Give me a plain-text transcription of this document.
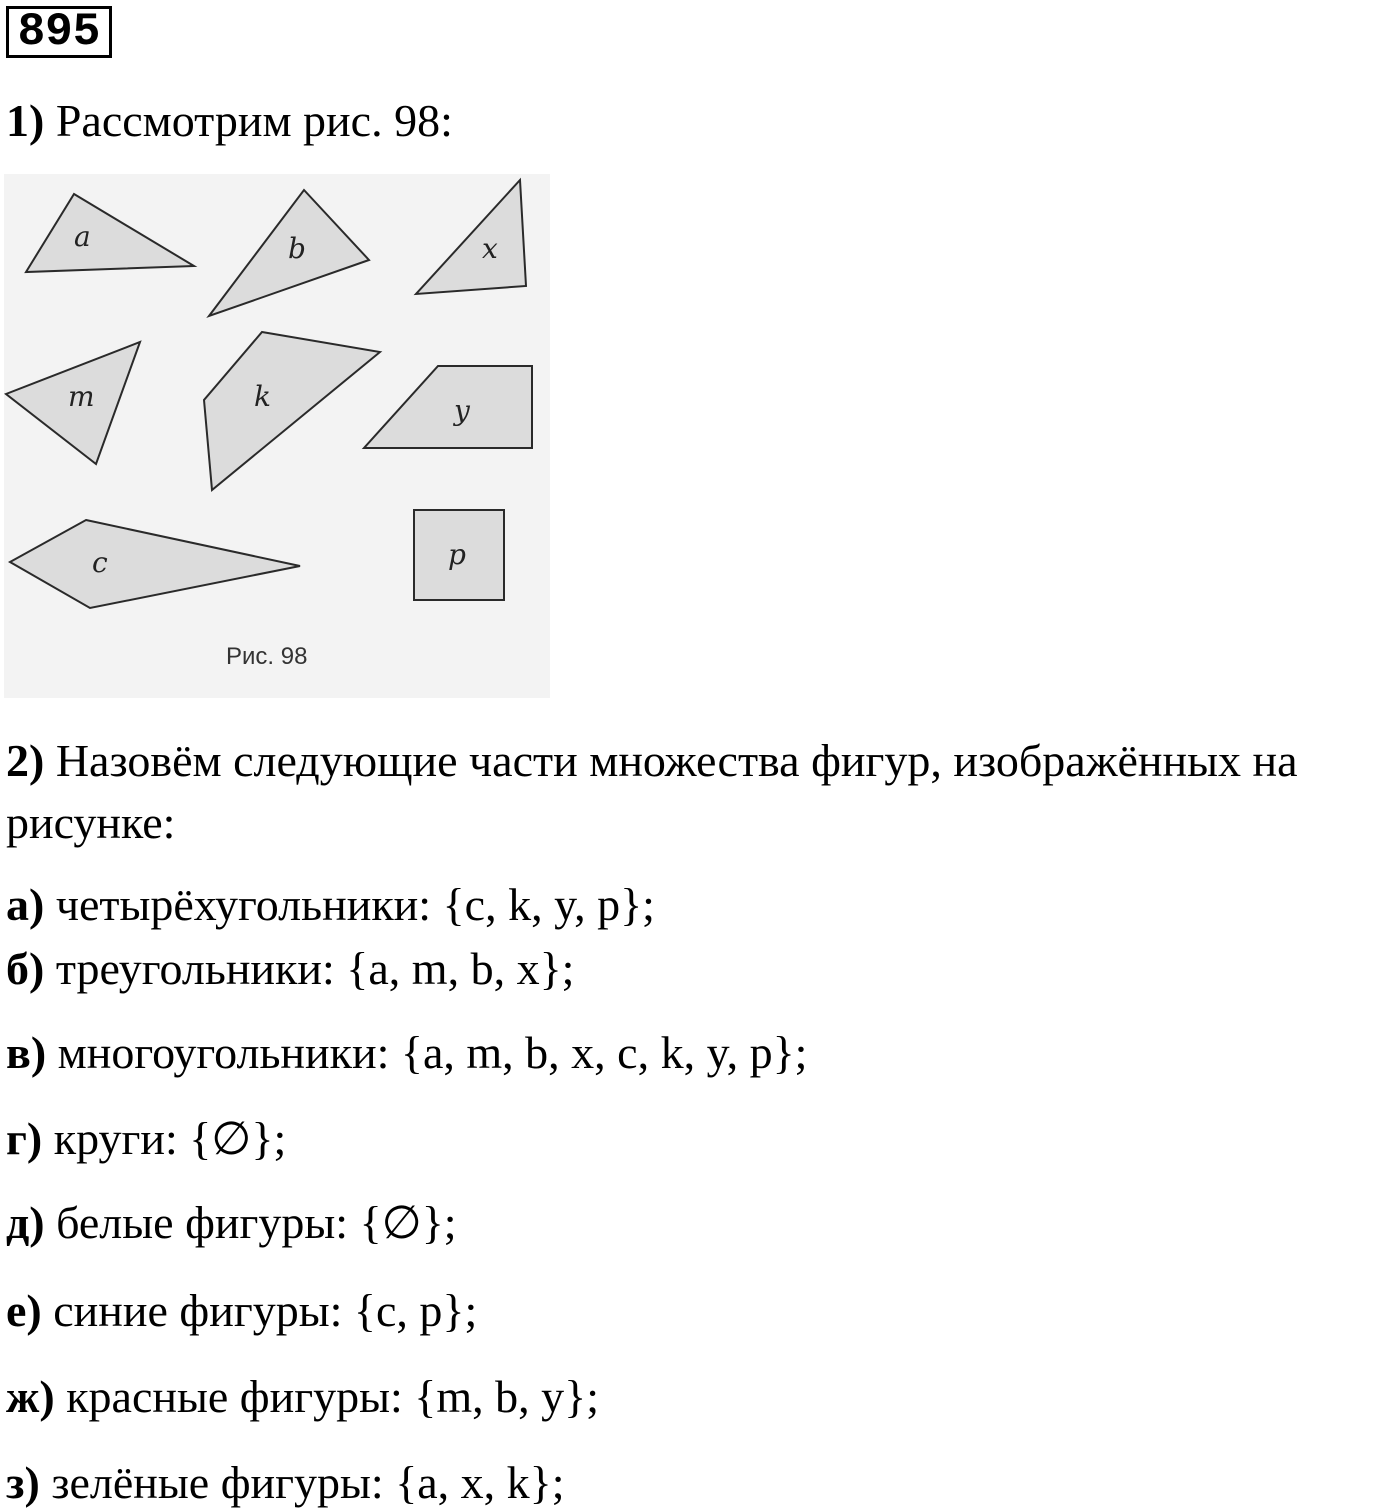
895
1) Рассмотрим рис. 98:
a	b	x
m	k	y
c	p
Рис. 98
2) Назовём следующие части множества фигур, изображённых на
рисунке:
а) четырёхугольники: {c, k, y, p};
б) треугольники: {a, m, b, x};
в) многоугольники: {a, m, b, x, c, k, y, p};
г) круги: {∅};
д) белые фигуры: {∅};
е) синие фигуры: {c, p};
ж) красные фигуры: {m, b, y};
з) зелёные фигуры: {a, x, k};
